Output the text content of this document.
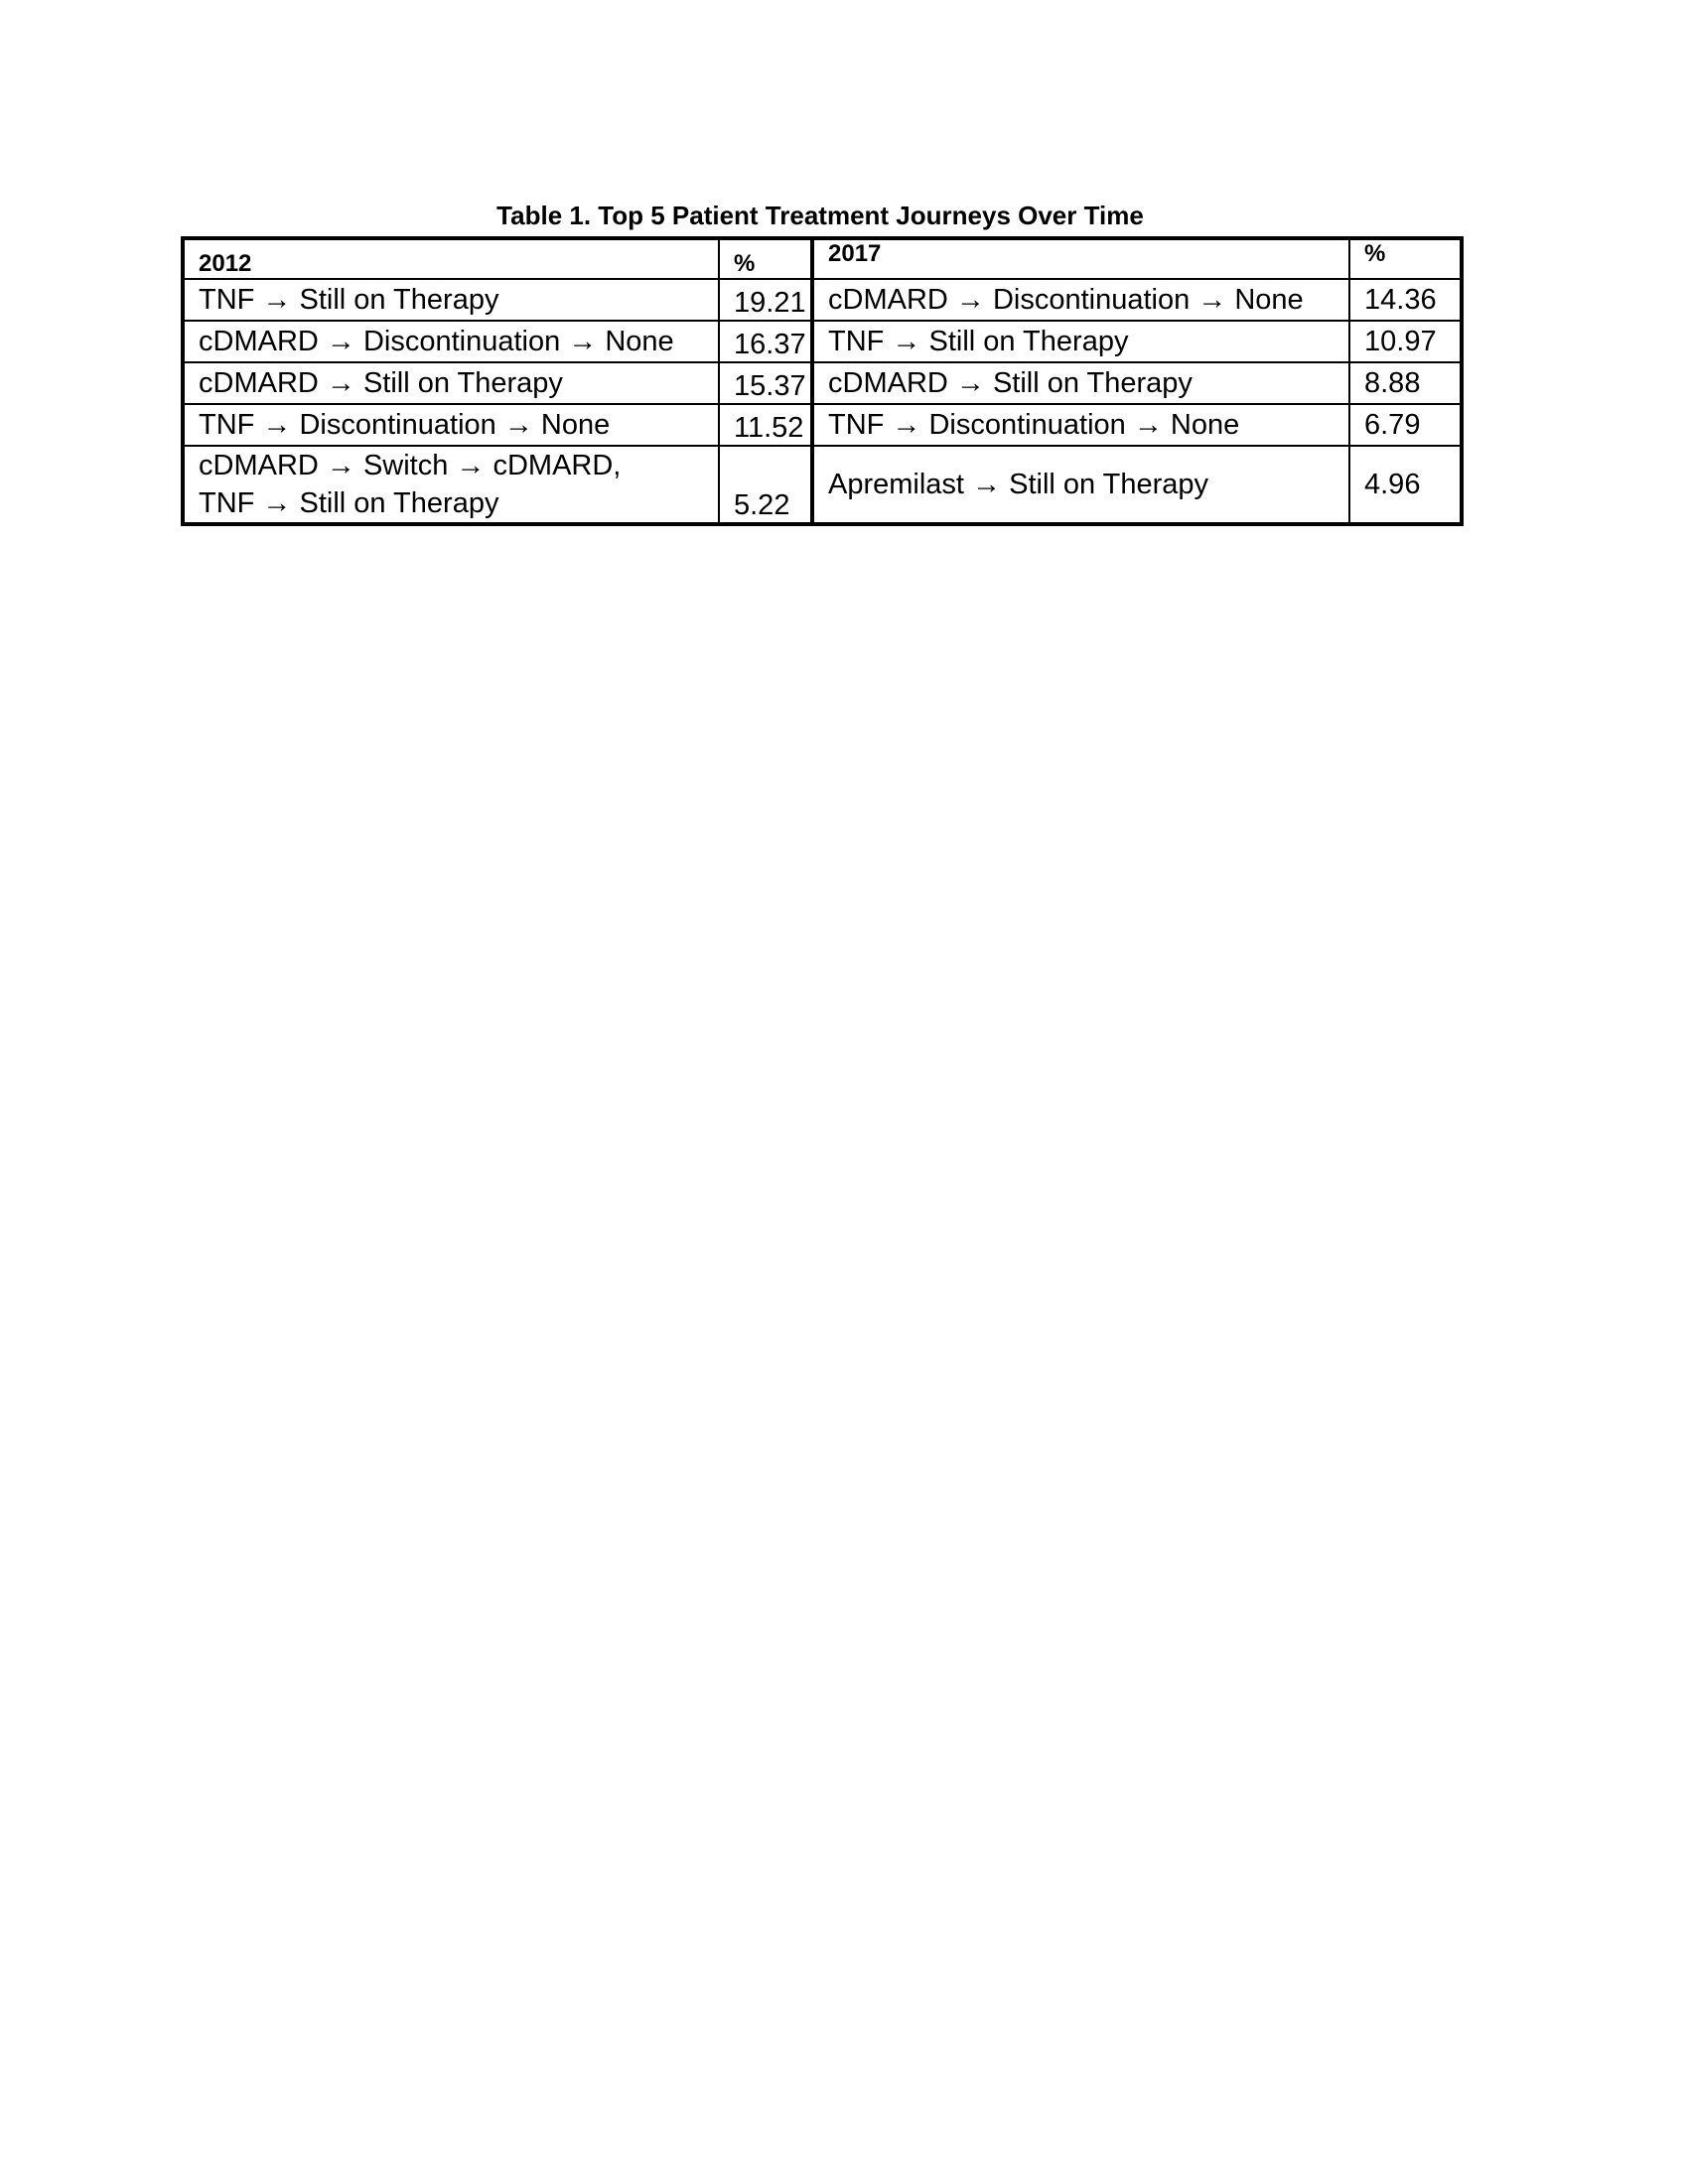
Table 1. Top 5 Patient Treatment Journeys Over Time
2012	%	2017	%
TNF → Still on Therapy	19.21	cDMARD → Discontinuation → None	14.36
cDMARD → Discontinuation → None	16.37	TNF → Still on Therapy	10.97
cDMARD → Still on Therapy	15.37	cDMARD → Still on Therapy	8.88
TNF → Discontinuation → None	11.52	TNF → Discontinuation → None	6.79

cDMARD → Switch → cDMARD,
TNF → Still on Therapy	5.22	Apremilast → Still on Therapy	4.96
